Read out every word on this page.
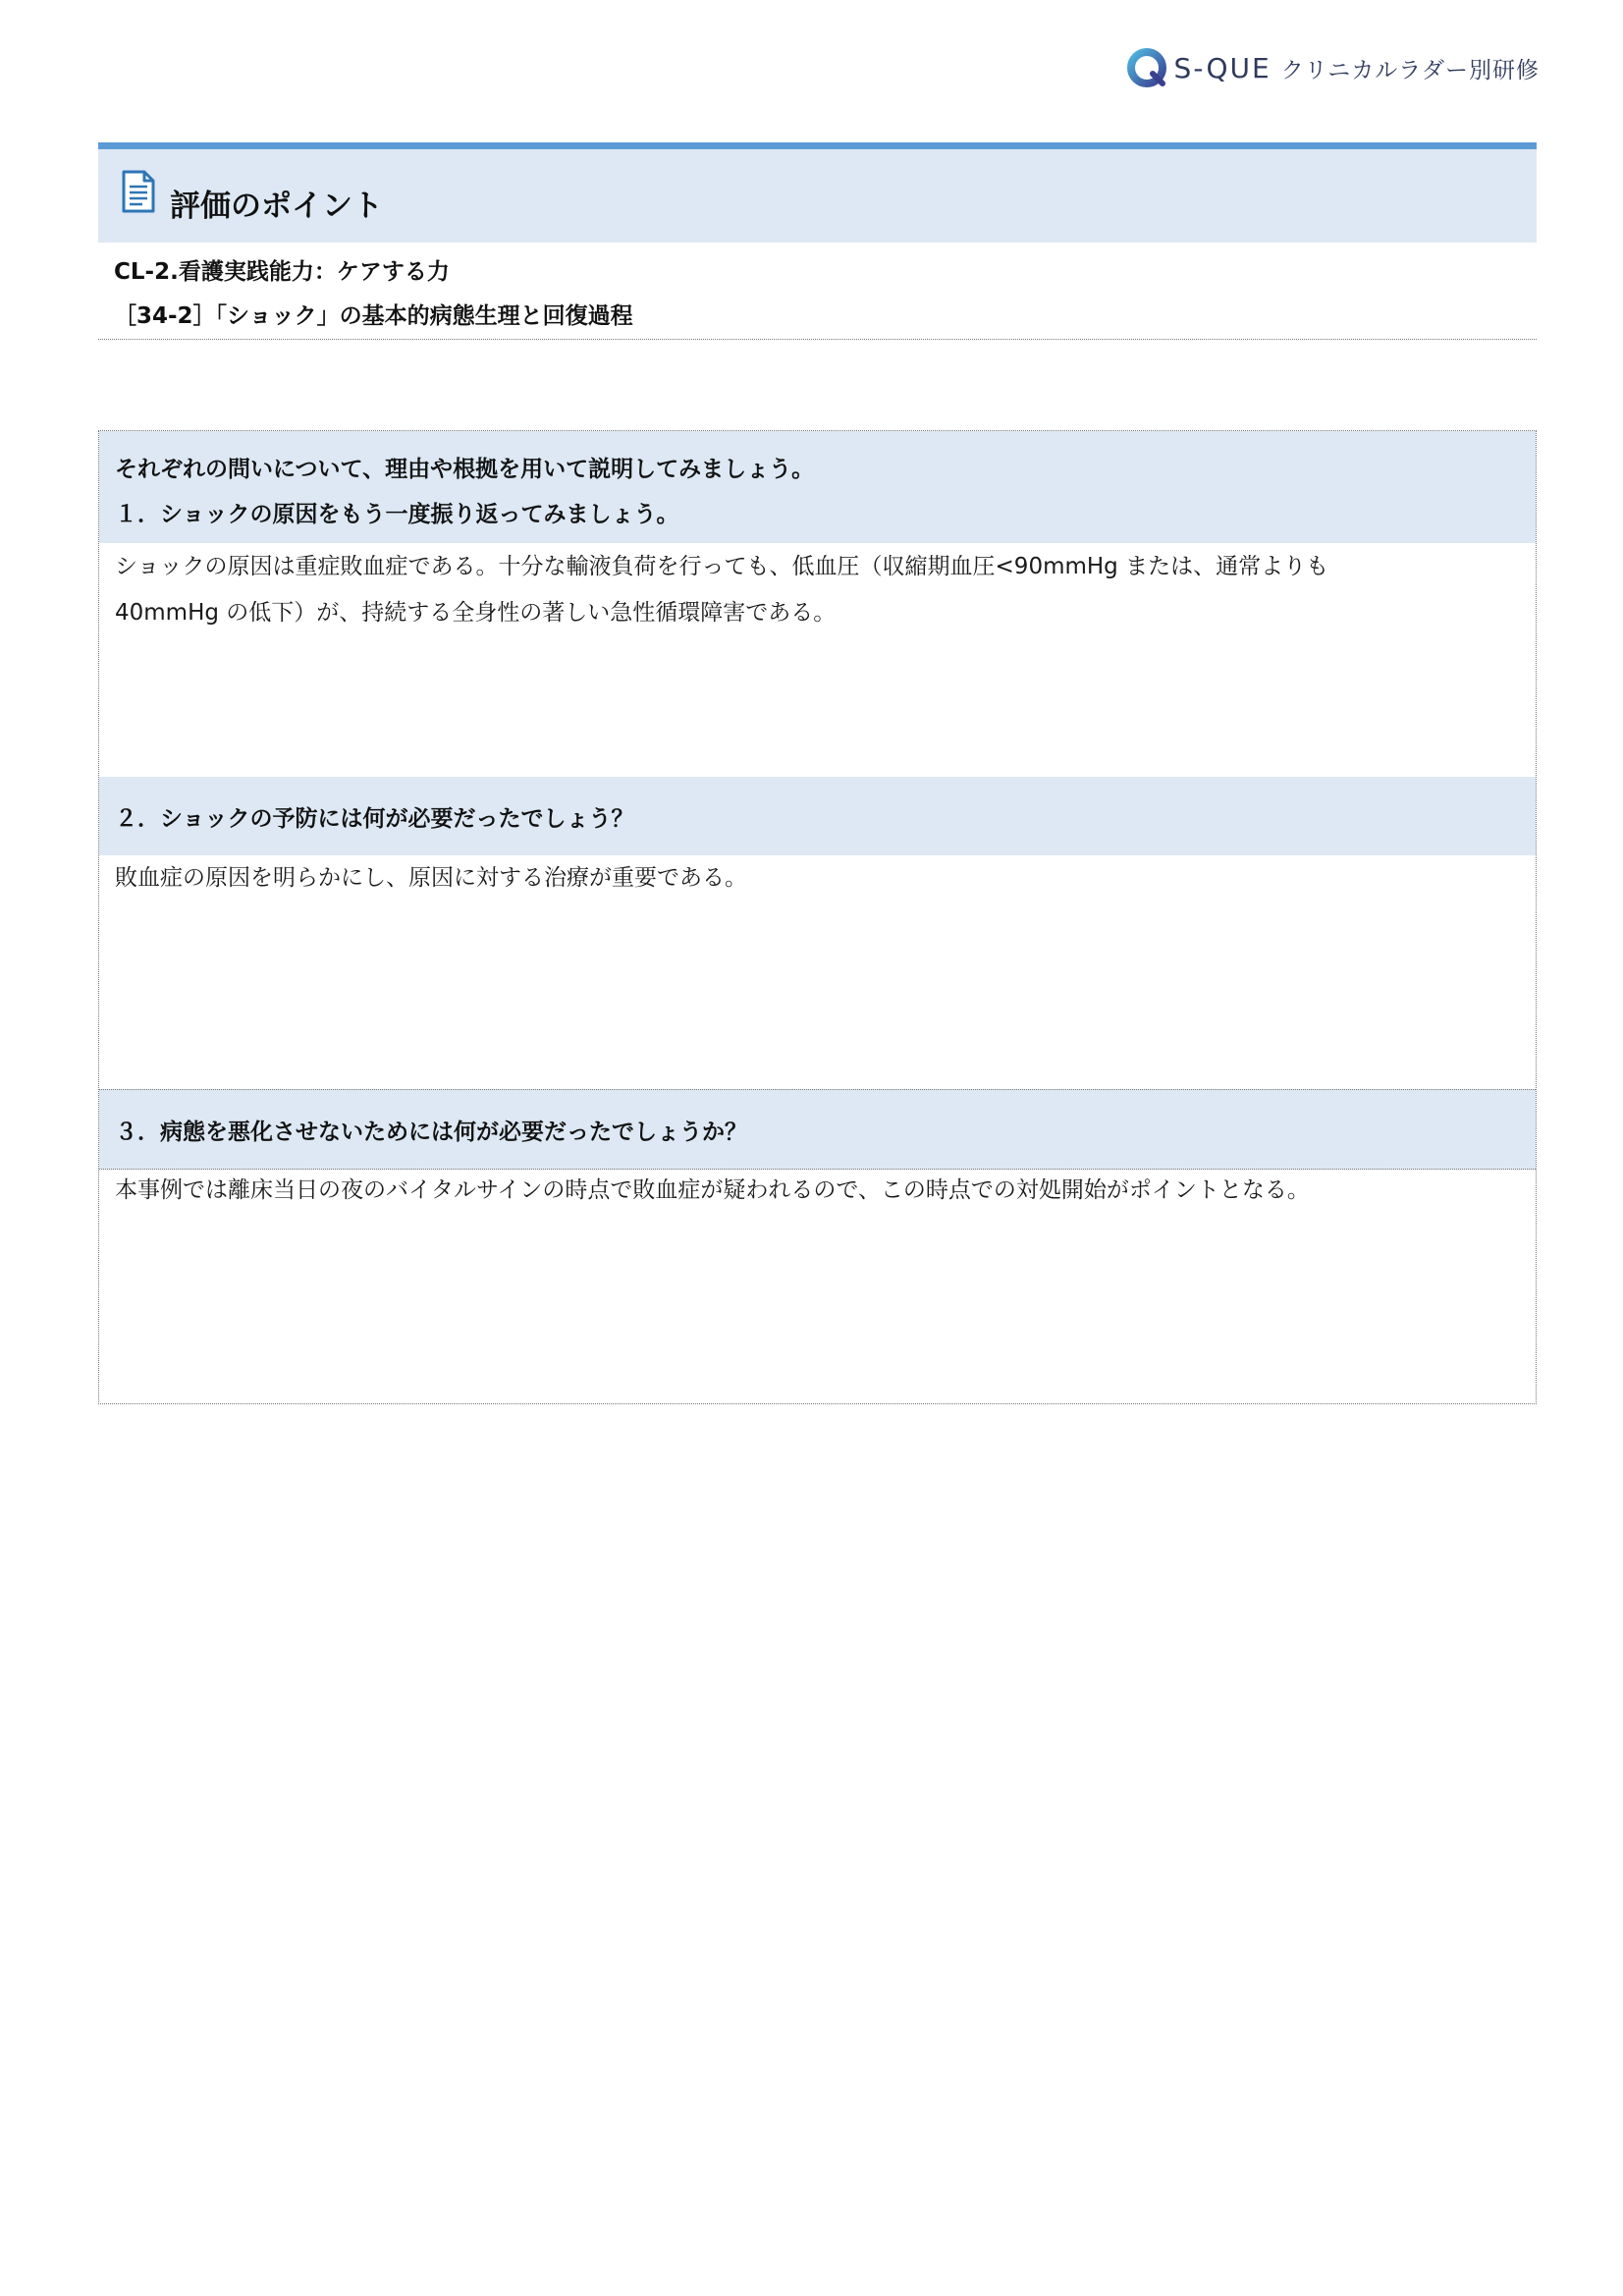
S-QUE クリニカルラダー別研修
評価のポイント
CL-2.看護実践能力：ケアする力
［34-2］「ショック」の基本的病態生理と回復過程
それぞれの問いについて、理由や根拠を用いて説明してみましょう。
１．ショックの原因をもう一度振り返ってみましょう。
ショックの原因は重症敗血症である。十分な輸液負荷を行っても、低血圧（収縮期血圧<90mmHg または、通常よりも
40mmHg の低下）が、持続する全身性の著しい急性循環障害である。
２．ショックの予防には何が必要だったでしょう？
敗血症の原因を明らかにし、原因に対する治療が重要である。
３．病態を悪化させないためには何が必要だったでしょうか？
本事例では離床当日の夜のバイタルサインの時点で敗血症が疑われるので、この時点での対処開始がポイントとなる。
